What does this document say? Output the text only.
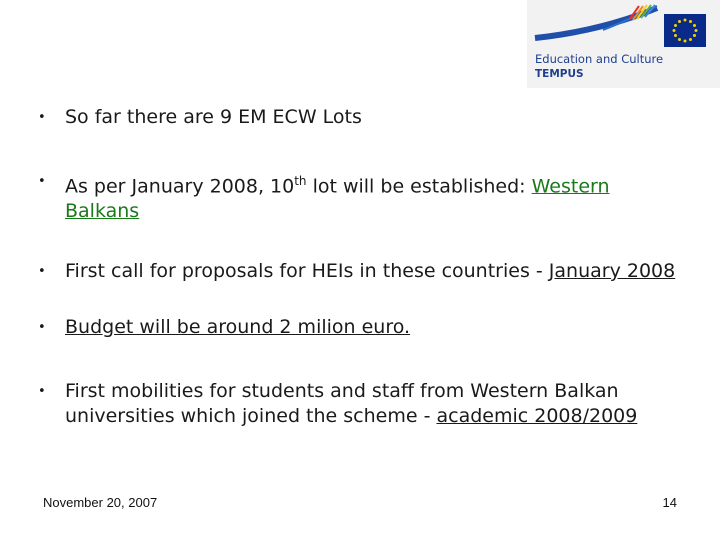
Education and Culture
TEMPUS
• So far there are 9 EM ECW Lots
• As per January 2008, 10th lot will be established: Western Balkans
• First call for proposals for HEIs in these countries - January 2008
• Budget will be around 2 milion euro.
• First mobilities for students and staff from Western Balkan universities which joined the scheme - academic 2008/2009
November 20, 2007	14
